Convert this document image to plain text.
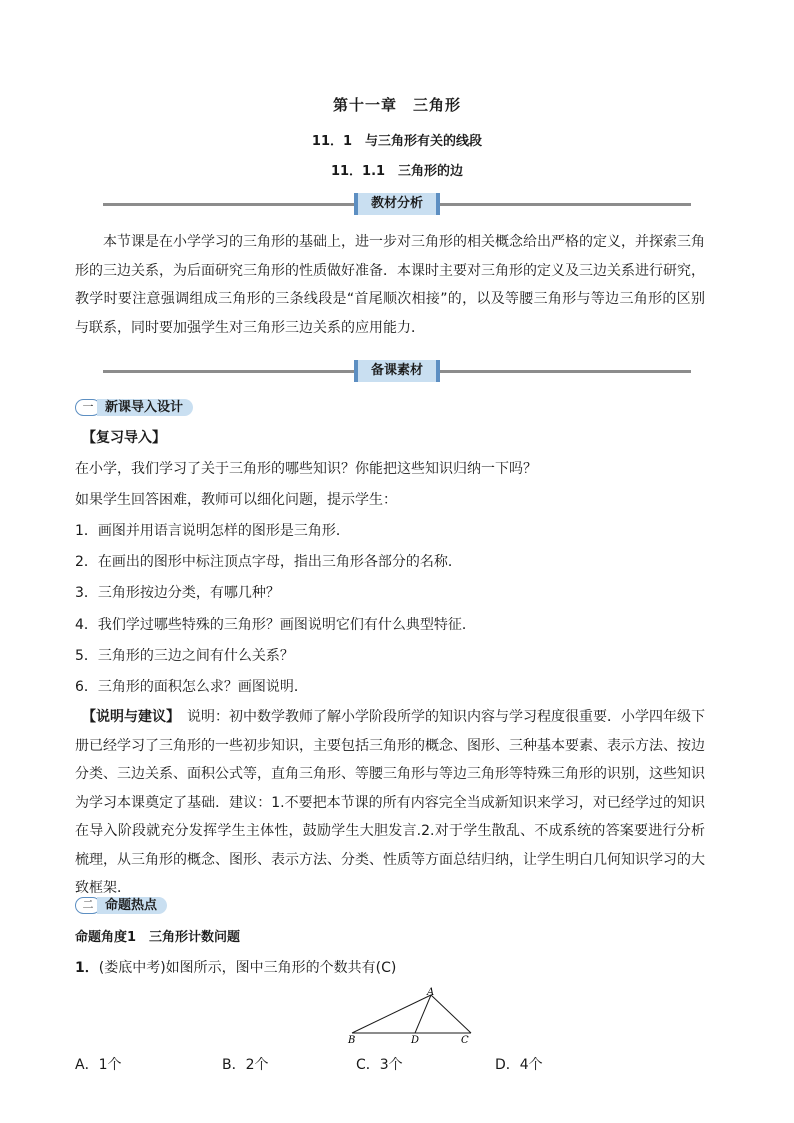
第十一章　三角形
11．1　与三角形有关的线段
11．1.1　三角形的边
教材分析

本节课是在小学学习的三角形的基础上，进一步对三角形的相关概念给出严格的定义，并探索三角形的三边关系，为后面研究三角形的性质做好准备．本课时主要对三角形的定义及三边关系进行研究，教学时要注意强调组成三角形的三条线段是“首尾顺次相接”的，以及等腰三角形与等边三角形的区别与联系，同时要加强学生对三角形三边关系的应用能力．

备课素材
一 新课导入设计
【复习导入】
在小学，我们学习了关于三角形的哪些知识？你能把这些知识归纳一下吗？
如果学生回答困难，教师可以细化问题，提示学生：
1．画图并用语言说明怎样的图形是三角形．
2．在画出的图形中标注顶点字母，指出三角形各部分的名称．
3．三角形按边分类，有哪几种？
4．我们学过哪些特殊的三角形？画图说明它们有什么典型特征．
5．三角形的三边之间有什么关系？
6．三角形的面积怎么求？画图说明．

【说明与建议】　说明：初中数学教师了解小学阶段所学的知识内容与学习程度很重要．小学四年级下册已经学习了三角形的一些初步知识，主要包括三角形的概念、图形、三种基本要素、表示方法、按边分类、三边关系、面积公式等，直角三角形、等腰三角形与等边三角形等特殊三角形的识别，这些知识为学习本课奠定了基础．建议：1.不要把本节课的所有内容完全当成新知识来学习，对已经学过的知识在导入阶段就充分发挥学生主体性，鼓励学生大胆发言.2.对于学生散乱、不成系统的答案要进行分析梳理，从三角形的概念、图形、表示方法、分类、性质等方面总结归纳，让学生明白几何知识学习的大致框架．

二 命题热点
命题角度1　三角形计数问题
1．(娄底中考)如图所示，图中三角形的个数共有(C)
A
B	D	C
A．1个	B．2个	C．3个	D．4个
